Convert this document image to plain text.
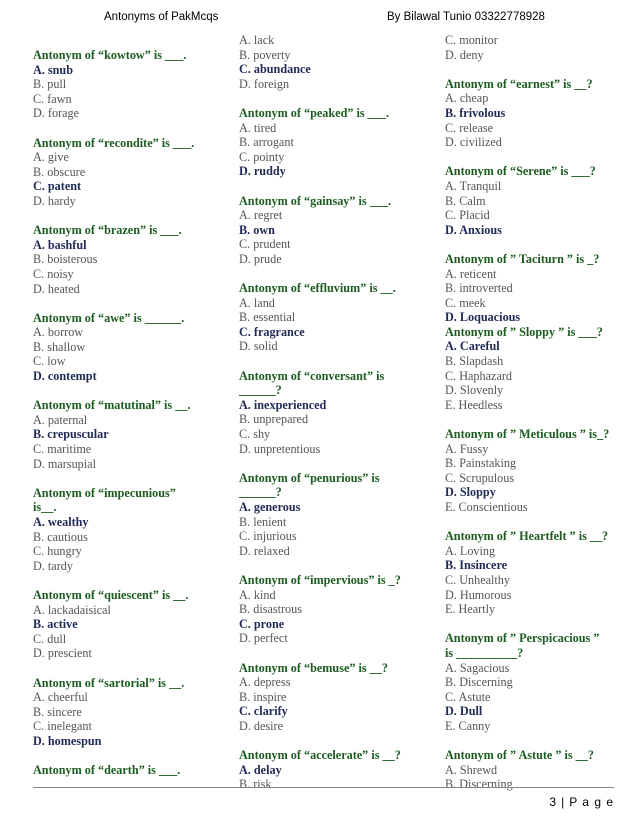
Antonyms of PakMcqs	By Bilawal Tunio 03322778928
Antonym of “kowtow” is ___.
A. snub
B. pull
C. fawn
D. forage
Antonym of “recondite” is ___.
A. give
B. obscure
C. patent
D. hardy
Antonym of “brazen” is ___.
A. bashful
B. boisterous
C. noisy
D. heated
Antonym of “awe” is ______.
A. borrow
B. shallow
C. low
D. contempt
Antonym of “matutinal” is __.
A. paternal
B. crepuscular
C. maritime
D. marsupial
Antonym of “impecunious”
is__.
A. wealthy
B. cautious
C. hungry
D. tardy
Antonym of “quiescent” is __.
A. lackadaisical
B. active
C. dull
D. prescient
Antonym of “sartorial” is __.
A. cheerful
B. sincere
C. inelegant
D. homespun
Antonym of “dearth” is ___.
A. lack
B. poverty
C. abundance
D. foreign
Antonym of “peaked” is ___.
A. tired
B. arrogant
C. pointy
D. ruddy
Antonym of “gainsay” is ___.
A. regret
B. own
C. prudent
D. prude
Antonym of “effluvium” is __.
A. land
B. essential
C. fragrance
D. solid
Antonym of “conversant” is
______?
A. inexperienced
B. unprepared
C. shy
D. unpretentious
Antonym of “penurious” is
______?
A. generous
B. lenient
C. injurious
D. relaxed
Antonym of “impervious” is _?
A. kind
B. disastrous
C. prone
D. perfect
Antonym of “bemuse” is __?
A. depress
B. inspire
C. clarify
D. desire
Antonym of “accelerate” is __?
A. delay
B. risk
C. monitor
D. deny
Antonym of “earnest” is __?
A. cheap
B. frivolous
C. release
D. civilized
Antonym of “Serene” is ___?
A. Tranquil
B. Calm
C. Placid
D. Anxious
Antonym of ” Taciturn ” is _?
A. reticent
B. introverted
C. meek
D. Loquacious
Antonym of ” Sloppy ” is ___?
A. Careful
B. Slapdash
C. Haphazard
D. Slovenly
E. Heedless
Antonym of ” Meticulous ” is_?
A. Fussy
B. Painstaking
C. Scrupulous
D. Sloppy
E. Conscientious
Antonym of ” Heartfelt ” is __?
A. Loving
B. Insincere
C. Unhealthy
D. Humorous
E. Heartly
Antonym of ” Perspicacious ”
is __________?
A. Sagacious
B. Discerning
C. Astute
D. Dull
E. Canny
Antonym of ” Astute ” is __?
A. Shrewd
B. Discerning
3 | P a g e
